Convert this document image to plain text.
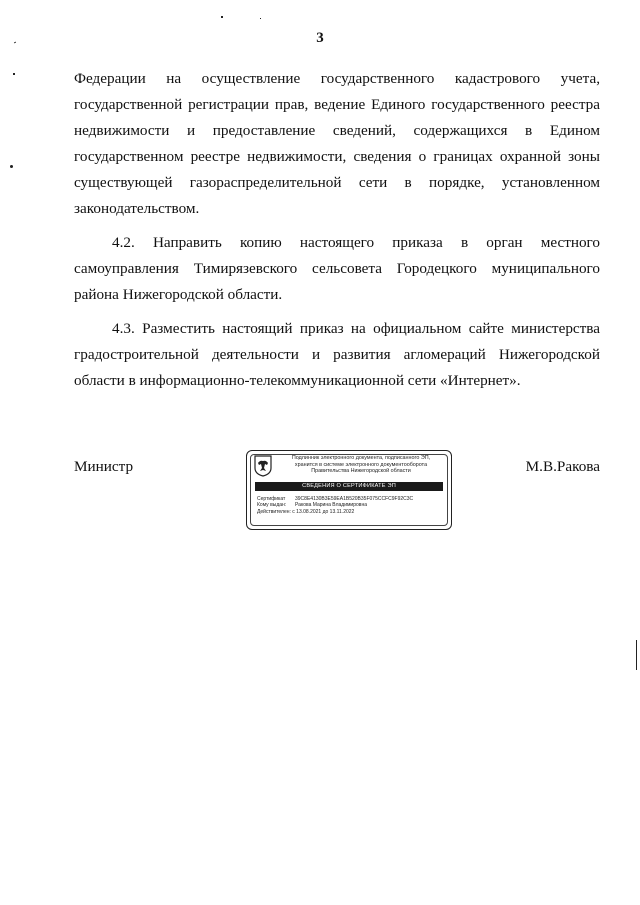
3
Федерации на осуществление государственного кадастрового учета,
государственной регистрации прав, ведение Единого государственного реестра
недвижимости и предоставление сведений, содержащихся в Едином
государственном реестре недвижимости, сведения о границах охранной зоны
существующей газораспределительной сети в порядке, установленном
законодательством.
4.2. Направить копию настоящего приказа в орган местного
самоуправления Тимирязевского сельсовета Городецкого муниципального
района Нижегородской области.
4.3. Разместить настоящий приказ на официальном сайте министерства
градостроительной деятельности и развития агломераций Нижегородской
области в информационно-телекоммуникационной сети «Интернет».
Министр	Подлинник электронного документа, подписанного ЭП,
хранится в системе электронного документооборота
Правительства Нижегородской области
СВЕДЕНИЯ О СЕРТИФИКАТЕ ЭП
Сертификат 39C8E4130B3E59EA1B520B35F075CCFC9F92C3C
Кому выдан: Ракова Марина Владимировна
Действителен: с 13.08.2021 до 13.11.2022
М.В.Ракова
